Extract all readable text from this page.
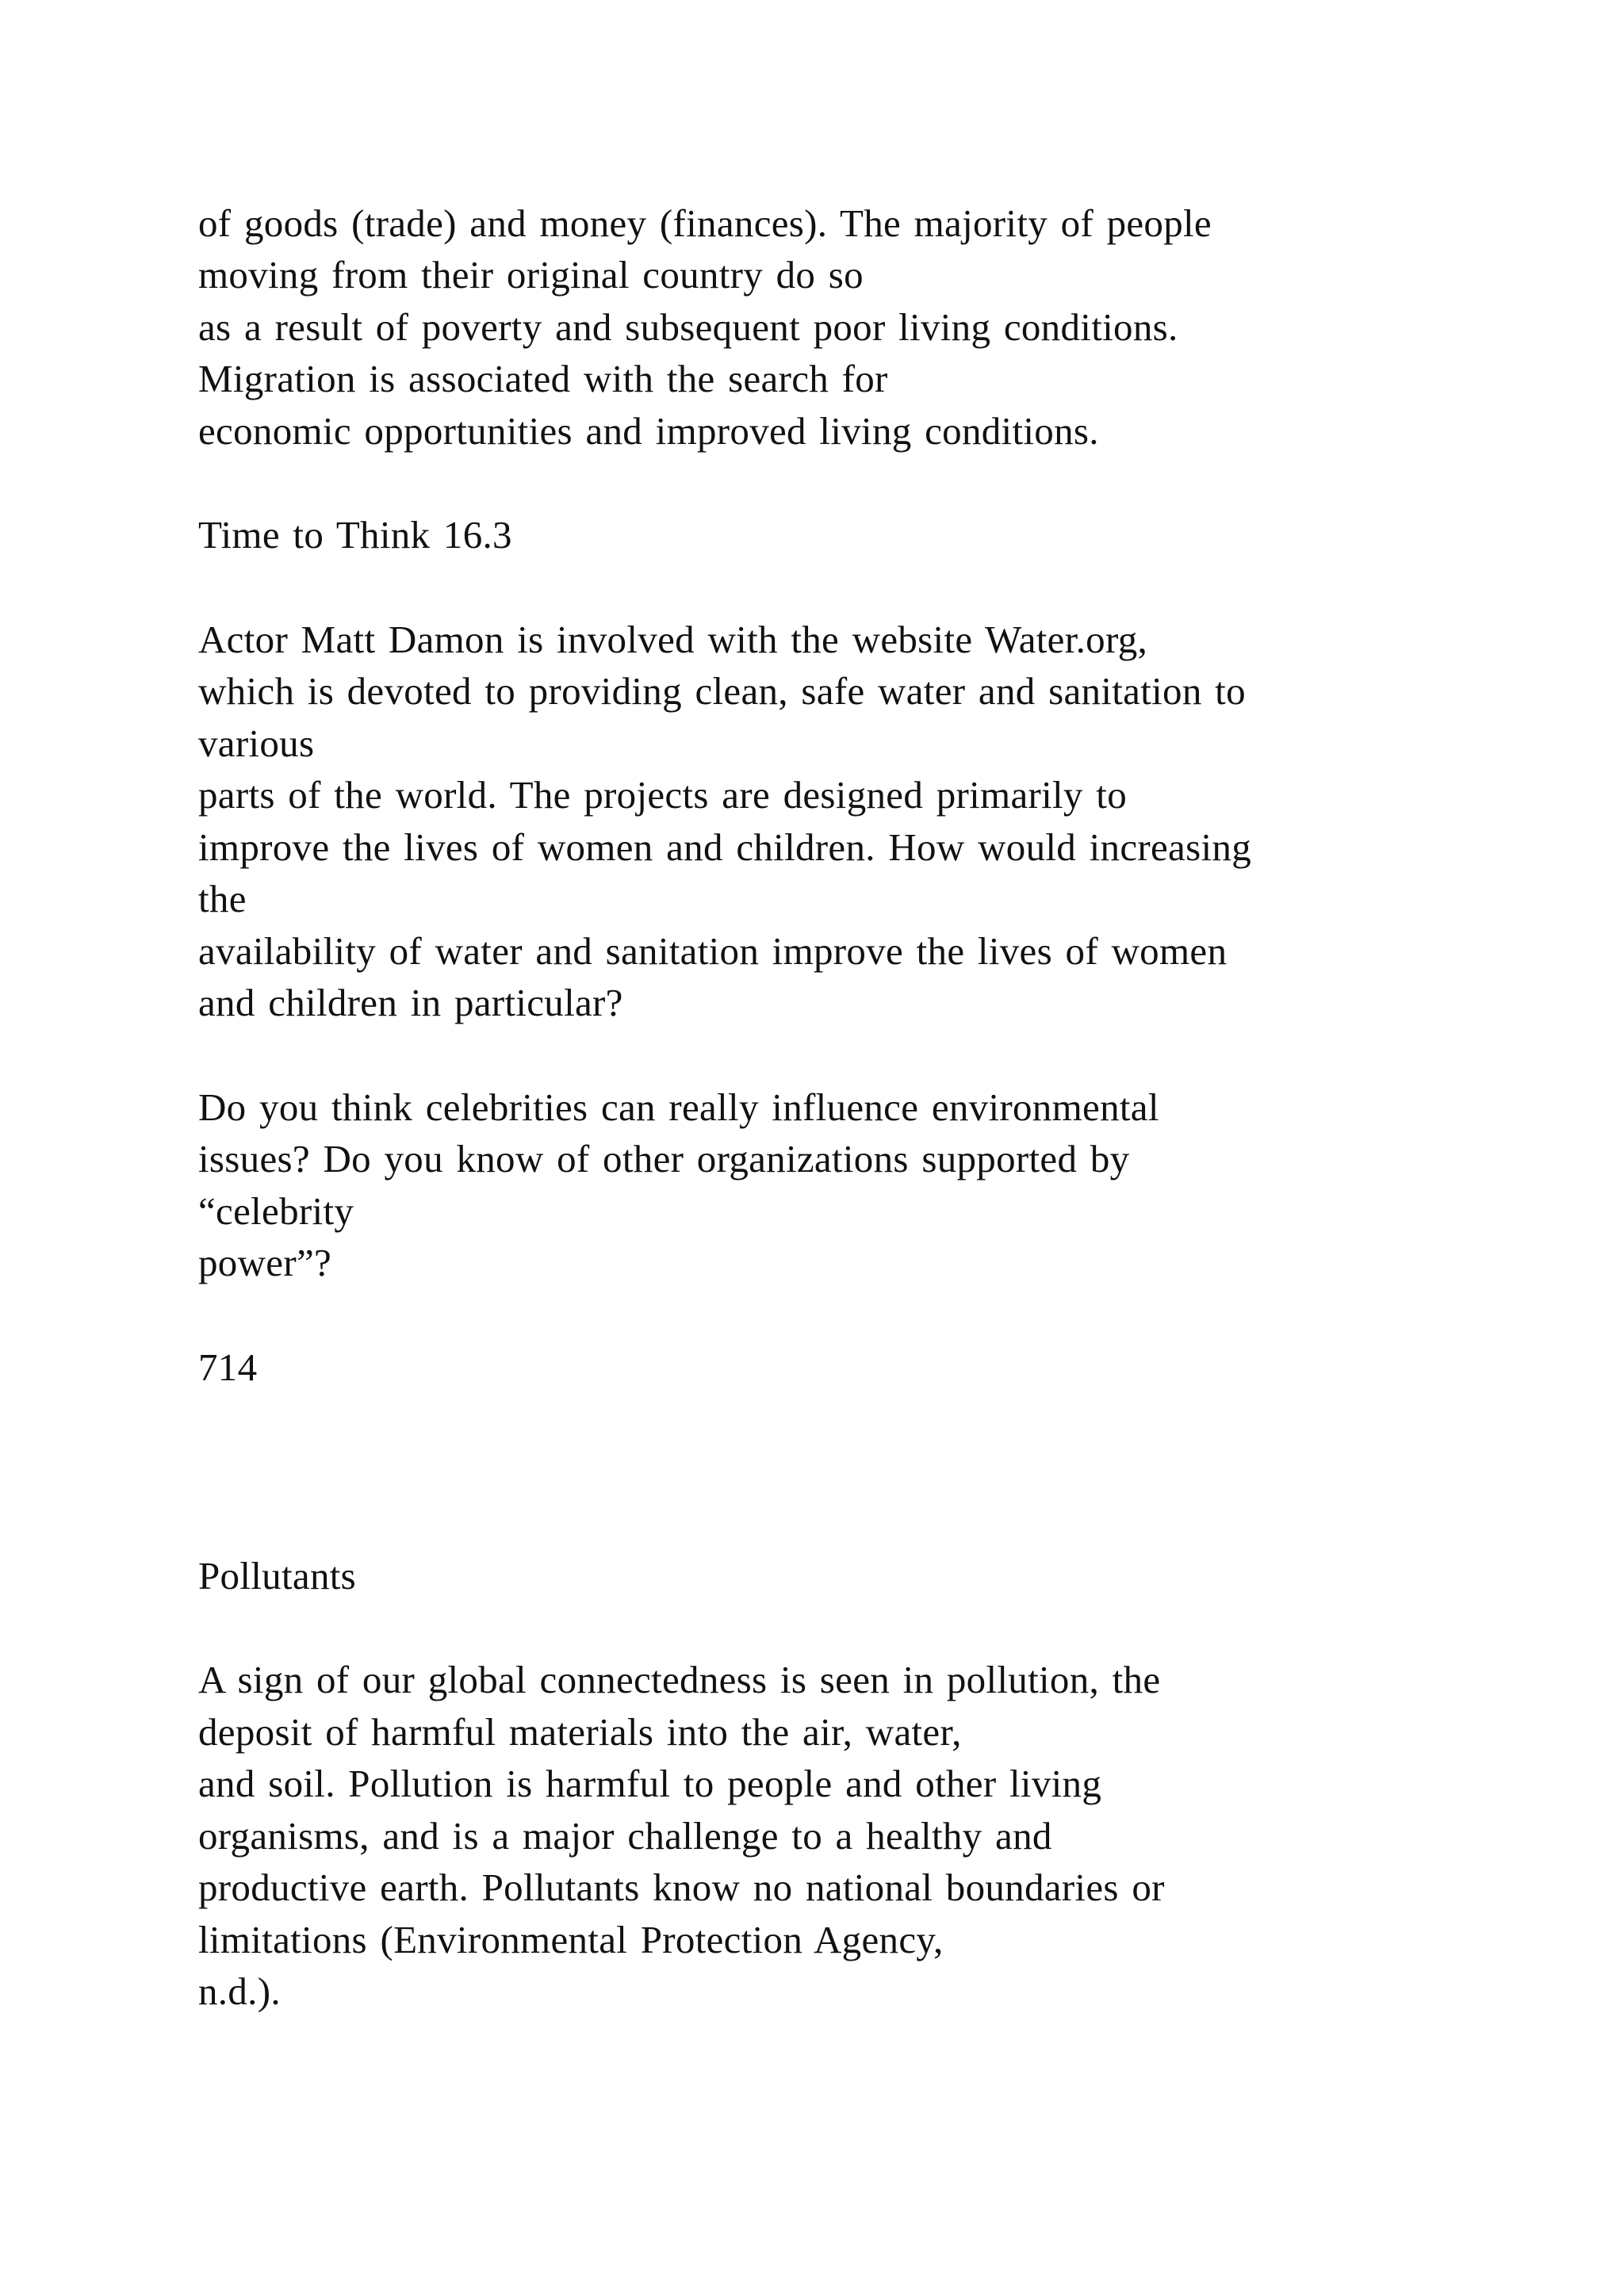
of goods (trade) and money (finances). The majority of people
moving from their original country do so
as a result of poverty and subsequent poor living conditions.
Migration is associated with the search for
economic opportunities and improved living conditions.
Time to Think 16.3
Actor Matt Damon is involved with the website Water.org,
which is devoted to providing clean, safe water and sanitation to
various
parts of the world. The projects are designed primarily to
improve the lives of women and children. How would increasing
the
availability of water and sanitation improve the lives of women
and children in particular?
Do you think celebrities can really influence environmental
issues? Do you know of other organizations supported by
“celebrity
power”?
714
Pollutants
A sign of our global connectedness is seen in pollution, the
deposit of harmful materials into the air, water,
and soil. Pollution is harmful to people and other living
organisms, and is a major challenge to a healthy and
productive earth. Pollutants know no national boundaries or
limitations (Environmental Protection Agency,
n.d.).
